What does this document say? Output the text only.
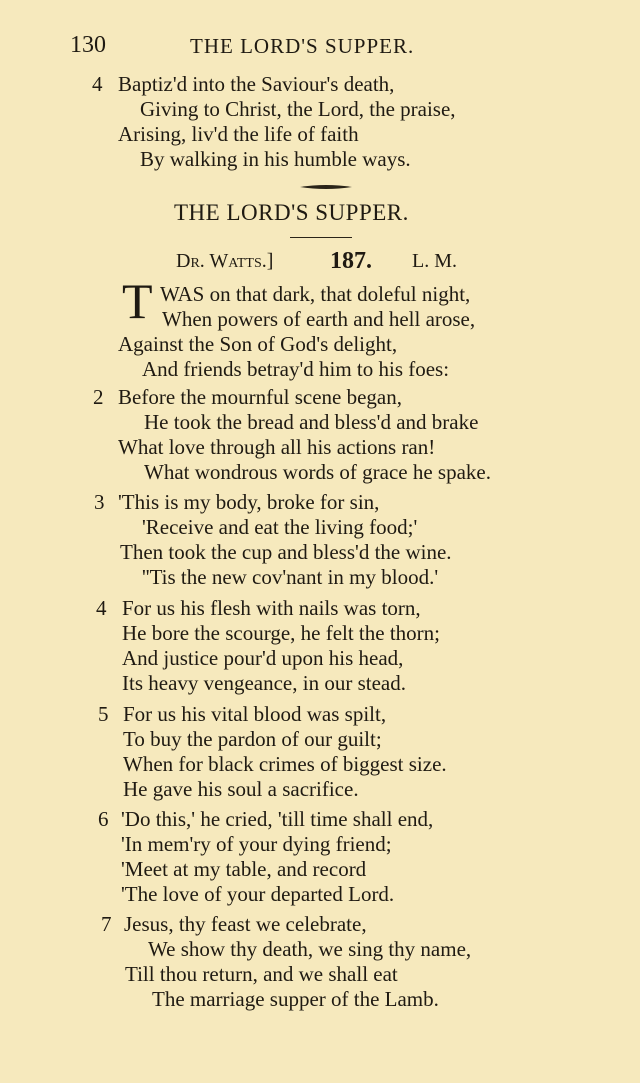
130	THE LORD'S SUPPER.
4 Baptiz'd into the Saviour's death,
Giving to Christ, the Lord, the praise,
Arising, liv'd the life of faith
By walking in his humble ways.
THE LORD'S SUPPER.
Dr. Watts.] 187. L. M.
T WAS on that dark, that doleful night,
When powers of earth and hell arose,
Against the Son of God's delight,
And friends betray'd him to his foes:
2 Before the mournful scene began,
He took the bread and bless'd and brake
What love through all his actions ran!
What wondrous words of grace he spake.
3 'This is my body, broke for sin,
'Receive and eat the living food;'
Then took the cup and bless'd the wine.
''Tis the new cov'nant in my blood.'
4 For us his flesh with nails was torn,
He bore the scourge, he felt the thorn;
And justice pour'd upon his head,
Its heavy vengeance, in our stead.
5 For us his vital blood was spilt,
To buy the pardon of our guilt;
When for black crimes of biggest size.
He gave his soul a sacrifice.
6 'Do this,' he cried, 'till time shall end,
'In mem'ry of your dying friend;
'Meet at my table, and record
'The love of your departed Lord.
7 Jesus, thy feast we celebrate,
We show thy death, we sing thy name,
Till thou return, and we shall eat
The marriage supper of the Lamb.
